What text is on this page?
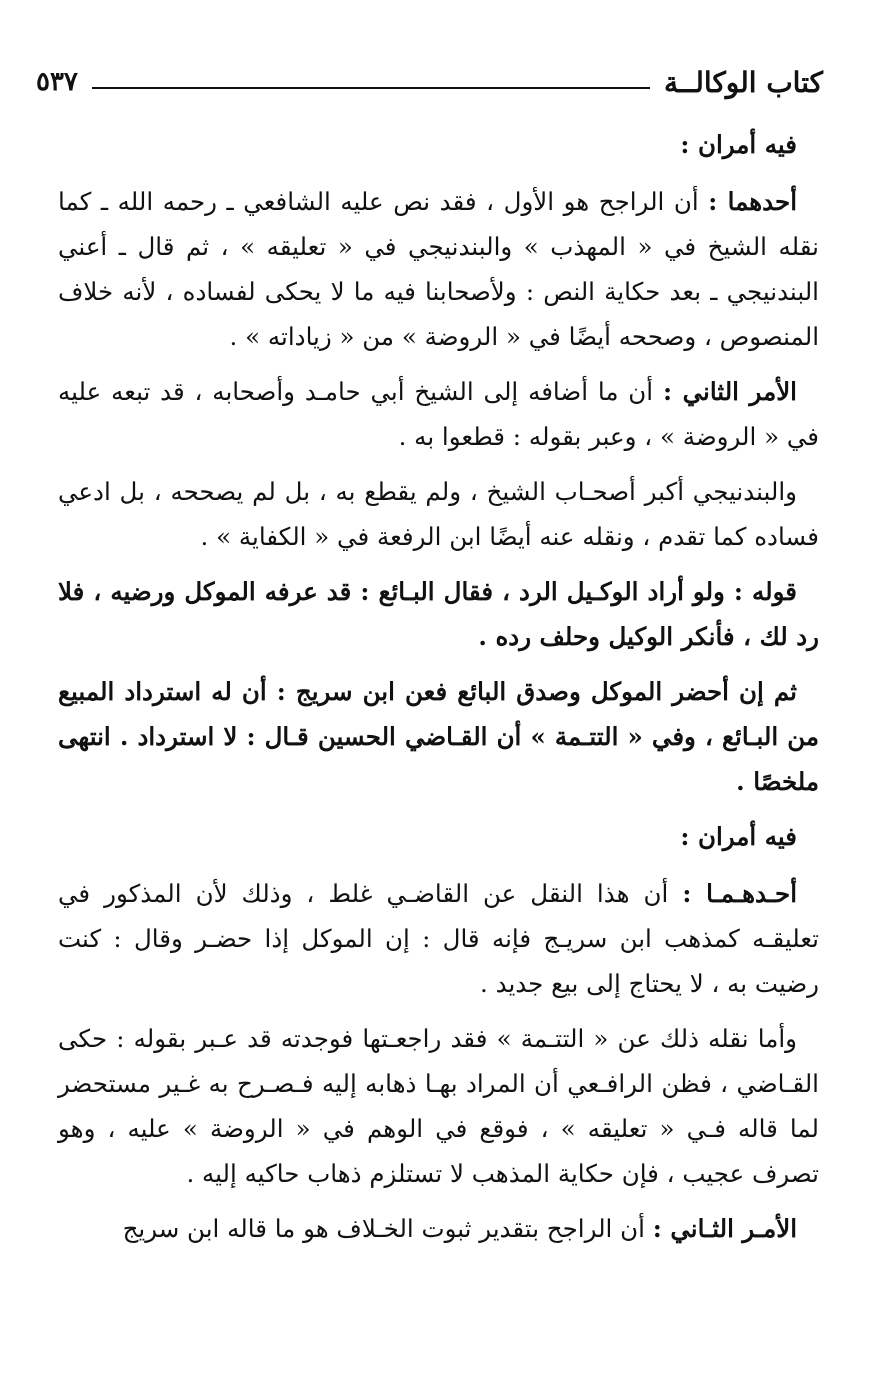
كتاب الوكالــة
٥٣٧

فيه أمران :

أحدهما : أن الراجح هو الأول ، فقد نص عليه الشافعي ـ رحمه الله ـ كما نقله الشيخ في « المهذب » والبندنيجي في « تعليقه » ، ثم قال ـ أعني البندنيجي ـ بعد حكاية النص : ولأصحابنا فيه ما لا يحكى لفساده ، لأنه خلاف المنصوص ، وصححه أيضًا في « الروضة » من « زياداته » .

الأمر الثاني : أن ما أضافه إلى الشيخ أبي حامـد وأصحابه ، قد تبعه عليه في « الروضة » ، وعبر بقوله : قطعوا به .

والبندنيجي أكبر أصحـاب الشيخ ، ولم يقطع به ، بل لم يصححه ، بل ادعي فساده كما تقدم ، ونقله عنه أيضًا ابن الرفعة في « الكفاية » .

قوله : ولو أراد الوكـيل الرد ، فقال البـائع : قد عرفه الموكل ورضيه ، فلا رد لك ، فأنكر الوكيل وحلف رده .

ثم إن أحضر الموكل وصدق البائع فعن ابن سريج : أن له استرداد المبيع من البـائع ، وفي « التتـمة » أن القـاضي الحسين قـال : لا استرداد . انتهى ملخصًا .

فيه أمران :

أحـدهـمـا : أن هذا النقل عن القاضـي غلط ، وذلك لأن المذكور في تعليقـه كمذهب ابن سريـج فإنه قال : إن الموكل إذا حضـر وقال : كنت رضيت به ، لا يحتاج إلى بيع جديد .

وأما نقله ذلك عن « التتـمة » فقد راجعـتها فوجدته قد عـبر بقوله : حكى القـاضي ، فظن الرافـعي أن المراد بهـا ذهابه إليه فـصـرح به غـير مستحضر لما قاله فـي « تعليقه » ، فوقع في الوهم في « الروضة » عليه ، وهو تصرف عجيب ، فإن حكاية المذهب لا تستلزم ذهاب حاكيه إليه .

الأمـر الثـاني : أن الراجح بتقدير ثبوت الخـلاف هو ما قاله ابن سريج
